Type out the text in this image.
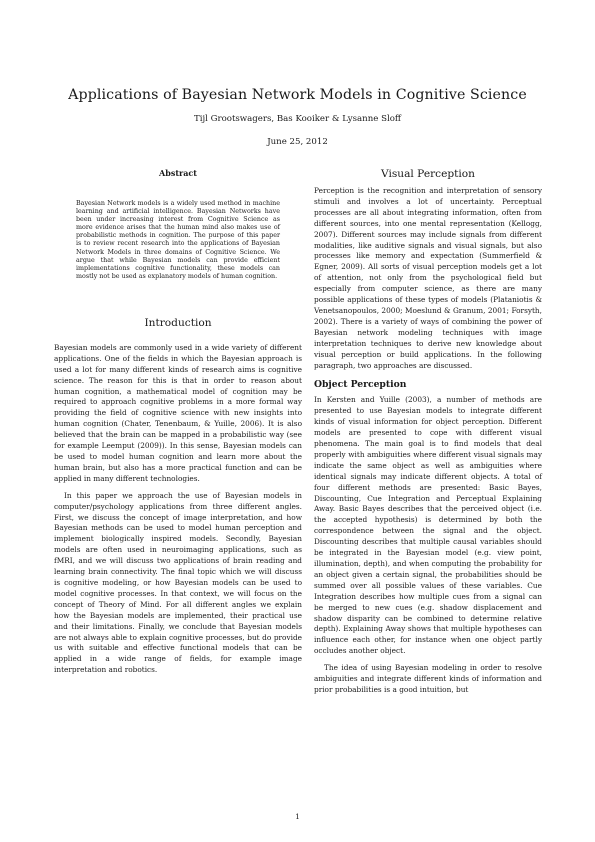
Applications of Bayesian Network Models in Cognitive Science
Tijl Grootswagers, Bas Kooiker & Lysanne Sloff
June 25, 2012
Abstract
Bayesian Network models is a widely used method in machine learning and artificial intelligence. Bayesian Networks have been under increasing interest from Cognitive Science as more evidence arises that the human mind also makes use of probabilistic methods in cognition. The purpose of this paper is to review recent research into the applications of Bayesian Network Models in three domains of Cognitive Science. We argue that while Bayesian models can provide efficient implementations cognitive functionality, these models can mostly not be used as explanatory models of human cognition.
Introduction

Bayesian models are commonly used in a wide variety of different applications. One of the fields in which the Bayesian approach is used a lot for many different kinds of research aims is cognitive science. The reason for this is that in order to reason about human cognition, a mathematical model of cognition may be required to approach cognitive problems in a more formal way providing the field of cognitive science with new insights into human cognition (Chater, Tenenbaum, & Yuille, 2006). It is also believed that the brain can be mapped in a probabilistic way (see for example Leemput (2009)). In this sense, Bayesian models can be used to model human cognition and learn more about the human brain, but also has a more practical function and can be applied in many different technologies.

In this paper we approach the use of Bayesian models in computer/psychology applications from three different angles. First, we discuss the concept of image interpretation, and how Bayesian methods can be used to model human perception and implement biologically inspired models. Secondly, Bayesian models are often used in neuroimaging applications, such as fMRI, and we will discuss two applications of brain reading and learning brain connectivity. The final topic which we will discuss is cognitive modeling, or how Bayesian models can be used to model cognitive processes. In that context, we will focus on the concept of Theory of Mind. For all different angles we explain how the Bayesian models are implemented, their practical use and their limitations. Finally, we conclude that Bayesian models are not always able to explain cognitive processes, but do provide us with suitable and effective functional models that can be applied in a wide range of fields, for example image interpretation and robotics.

Visual Perception

Perception is the recognition and interpretation of sensory stimuli and involves a lot of uncertainty. Perceptual processes are all about integrating information, often from different sources, into one mental representation (Kellogg, 2007). Different sources may include signals from different modalities, like auditive signals and visual signals, but also processes like memory and expectation (Summerfield & Egner, 2009). All sorts of visual perception models get a lot of attention, not only from the psychological field but especially from computer science, as there are many possible applications of these types of models (Plataniotis & Venetsanopoulos, 2000; Moeslund & Granum, 2001; Forsyth, 2002). There is a variety of ways of combining the power of Bayesian network modeling techniques with image interpretation techniques to derive new knowledge about visual perception or build applications. In the following paragraph, two approaches are discussed.

Object Perception

In Kersten and Yuille (2003), a number of methods are presented to use Bayesian models to integrate different kinds of visual information for object perception. Different models are presented to cope with different visual phenomena. The main goal is to find models that deal properly with ambiguities where different visual signals may indicate the same object as well as ambiguities where identical signals may indicate different objects. A total of four different methods are presented: Basic Bayes, Discounting, Cue Integration and Perceptual Explaining Away. Basic Bayes describes that the perceived object (i.e. the accepted hypothesis) is determined by both the correspondence between the signal and the object. Discounting describes that multiple causal variables should be integrated in the Bayesian model (e.g. view point, illumination, depth), and when computing the probability for an object given a certain signal, the probabilities should be summed over all possible values of these variables. Cue Integration describes how multiple cues from a signal can be merged to new cues (e.g. shadow displacement and shadow disparity can be combined to determine relative depth). Explaining Away shows that multiple hypotheses can influence each other, for instance when one object partly occludes another object.

The idea of using Bayesian modeling in order to resolve ambiguities and integrate different kinds of information and prior probabilities is a good intuition, but

1
